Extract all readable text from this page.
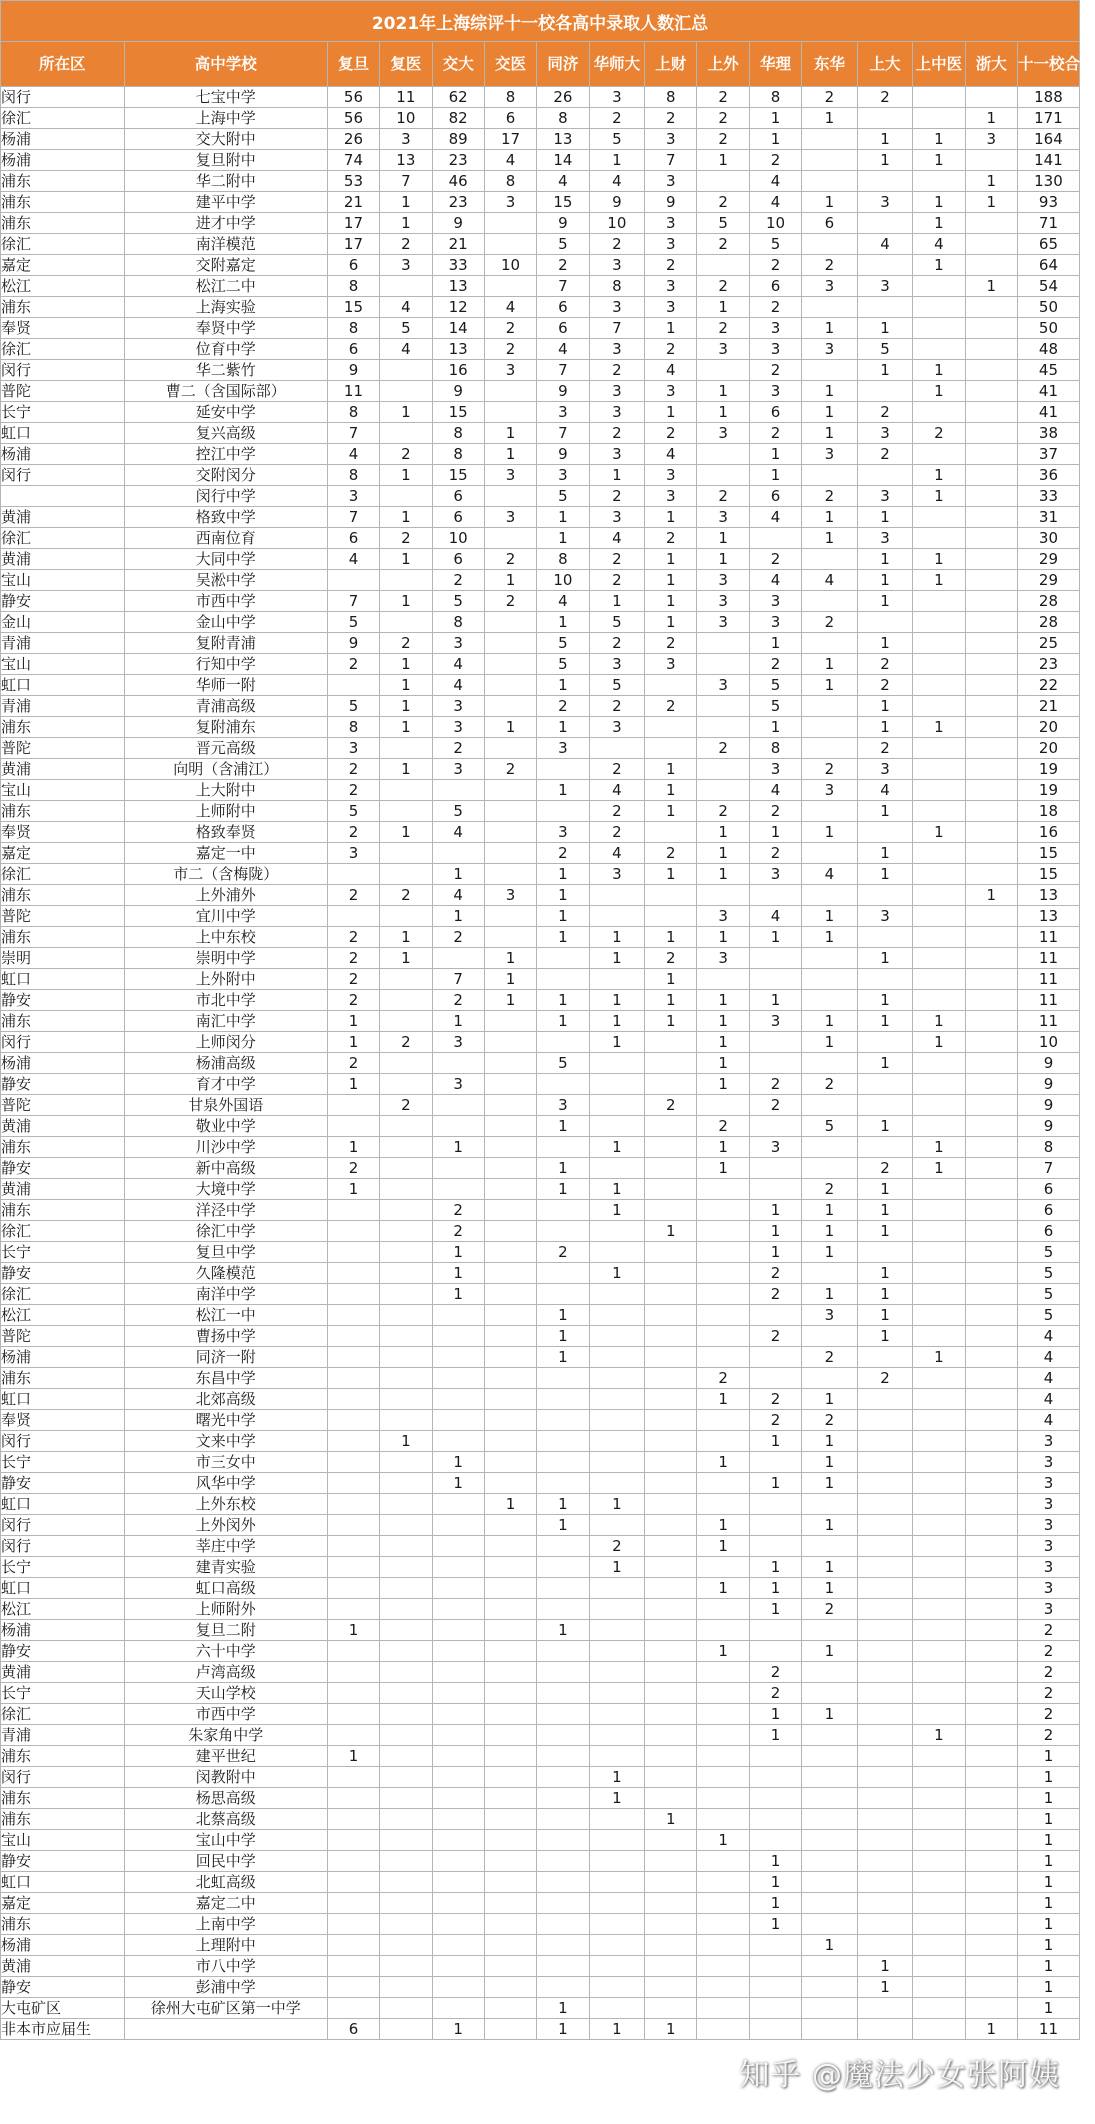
2021年上海综评十一校各高中录取人数汇总															
所在区	高中学校	复旦	复医	交大	交医	同济	华师大	上财	上外	华理	东华	上大	上中医	浙大	十一校合计
闵行	七宝中学	56	11	62	8	26	3	8	2	8	2	2			188
徐汇	上海中学	56	10	82	6	8	2	2	2	1	1			1	171
杨浦	交大附中	26	3	89	17	13	5	3	2	1		1	1	3	164
杨浦	复旦附中	74	13	23	4	14	1	7	1	2		1	1		141
浦东	华二附中	53	7	46	8	4	4	3		4				1	130
浦东	建平中学	21	1	23	3	15	9	9	2	4	1	3	1	1	93
浦东	进才中学	17	1	9		9	10	3	5	10	6		1		71
徐汇	南洋模范	17	2	21		5	2	3	2	5		4	4		65
嘉定	交附嘉定	6	3	33	10	2	3	2		2	2		1		64
松江	松江二中	8		13		7	8	3	2	6	3	3		1	54
浦东	上海实验	15	4	12	4	6	3	3	1	2					50
奉贤	奉贤中学	8	5	14	2	6	7	1	2	3	1	1			50
徐汇	位育中学	6	4	13	2	4	3	2	3	3	3	5			48
闵行	华二紫竹	9		16	3	7	2	4		2		1	1		45
普陀	曹二（含国际部）	11		9		9	3	3	1	3	1		1		41
长宁	延安中学	8	1	15		3	3	1	1	6	1	2			41
虹口	复兴高级	7		8	1	7	2	2	3	2	1	3	2		38
杨浦	控江中学	4	2	8	1	9	3	4		1	3	2			37
闵行	交附闵分	8	1	15	3	3	1	3		1			1		36
	闵行中学	3		6		5	2	3	2	6	2	3	1		33
黄浦	格致中学	7	1	6	3	1	3	1	3	4	1	1			31
徐汇	西南位育	6	2	10		1	4	2	1		1	3			30
黄浦	大同中学	4	1	6	2	8	2	1	1	2		1	1		29
宝山	吴淞中学			2	1	10	2	1	3	4	4	1	1		29
静安	市西中学	7	1	5	2	4	1	1	3	3		1			28
金山	金山中学	5		8		1	5	1	3	3	2				28
青浦	复附青浦	9	2	3		5	2	2		1		1			25
宝山	行知中学	2	1	4		5	3	3		2	1	2			23
虹口	华师一附		1	4		1	5		3	5	1	2			22
青浦	青浦高级	5	1	3		2	2	2		5		1			21
浦东	复附浦东	8	1	3	1	1	3			1		1	1		20
普陀	晋元高级	3		2		3			2	8		2			20
黄浦	向明（含浦江）	2	1	3	2		2	1		3	2	3			19
宝山	上大附中	2				1	4	1		4	3	4			19
浦东	上师附中	5		5			2	1	2	2		1			18
奉贤	格致奉贤	2	1	4		3	2		1	1	1		1		16
嘉定	嘉定一中	3				2	4	2	1	2		1			15
徐汇	市二（含梅陇）			1		1	3	1	1	3	4	1			15
浦东	上外浦外	2	2	4	3	1								1	13
普陀	宜川中学			1		1			3	4	1	3			13
浦东	上中东校	2	1	2		1	1	1	1	1	1				11
崇明	崇明中学	2	1		1		1	2	3			1			11
虹口	上外附中	2		7	1			1							11
静安	市北中学	2		2	1	1	1	1	1	1		1			11
浦东	南汇中学	1		1		1	1	1	1	3	1	1	1		11
闵行	上师闵分	1	2	3			1		1		1		1		10
杨浦	杨浦高级	2				5			1			1			9
静安	育才中学	1		3					1	2	2				9
普陀	甘泉外国语		2			3		2		2					9
黄浦	敬业中学					1			2		5	1			9
浦东	川沙中学	1		1			1		1	3			1		8
静安	新中高级	2				1			1			2	1		7
黄浦	大境中学	1				1	1				2	1			6
浦东	洋泾中学			2			1			1	1	1			6
徐汇	徐汇中学			2				1		1	1	1			6
长宁	复旦中学			1		2				1	1				5
静安	久隆模范			1			1			2		1			5
徐汇	南洋中学			1						2	1	1			5
松江	松江一中					1					3	1			5
普陀	曹扬中学					1				2		1			4
杨浦	同济一附					1					2		1		4
浦东	东昌中学								2			2			4
虹口	北郊高级								1	2	1				4
奉贤	曙光中学									2	2				4
闵行	文来中学		1							1	1				3
长宁	市三女中			1					1		1				3
静安	风华中学			1						1	1				3
虹口	上外东校				1	1	1								3
闵行	上外闵外					1			1		1				3
闵行	莘庄中学						2		1						3
长宁	建青实验						1			1	1				3
虹口	虹口高级								1	1	1				3
松江	上师附外									1	2				3
杨浦	复旦二附	1				1									2
静安	六十中学								1		1				2
黄浦	卢湾高级									2					2
长宁	天山学校									2					2
徐汇	市西中学									1	1				2
青浦	朱家角中学									1			1		2
浦东	建平世纪	1													1
闵行	闵教附中						1								1
浦东	杨思高级						1								1
浦东	北蔡高级							1							1
宝山	宝山中学								1						1
静安	回民中学									1					1
虹口	北虹高级									1					1
嘉定	嘉定二中									1					1
浦东	上南中学									1					1
杨浦	上理附中										1				1
黄浦	市八中学											1			1
静安	彭浦中学											1			1
大屯矿区	徐州大屯矿区第一中学					1									1
非本市应届生		6		1		1	1	1						1	11
知乎 @魔法少女张阿姨
